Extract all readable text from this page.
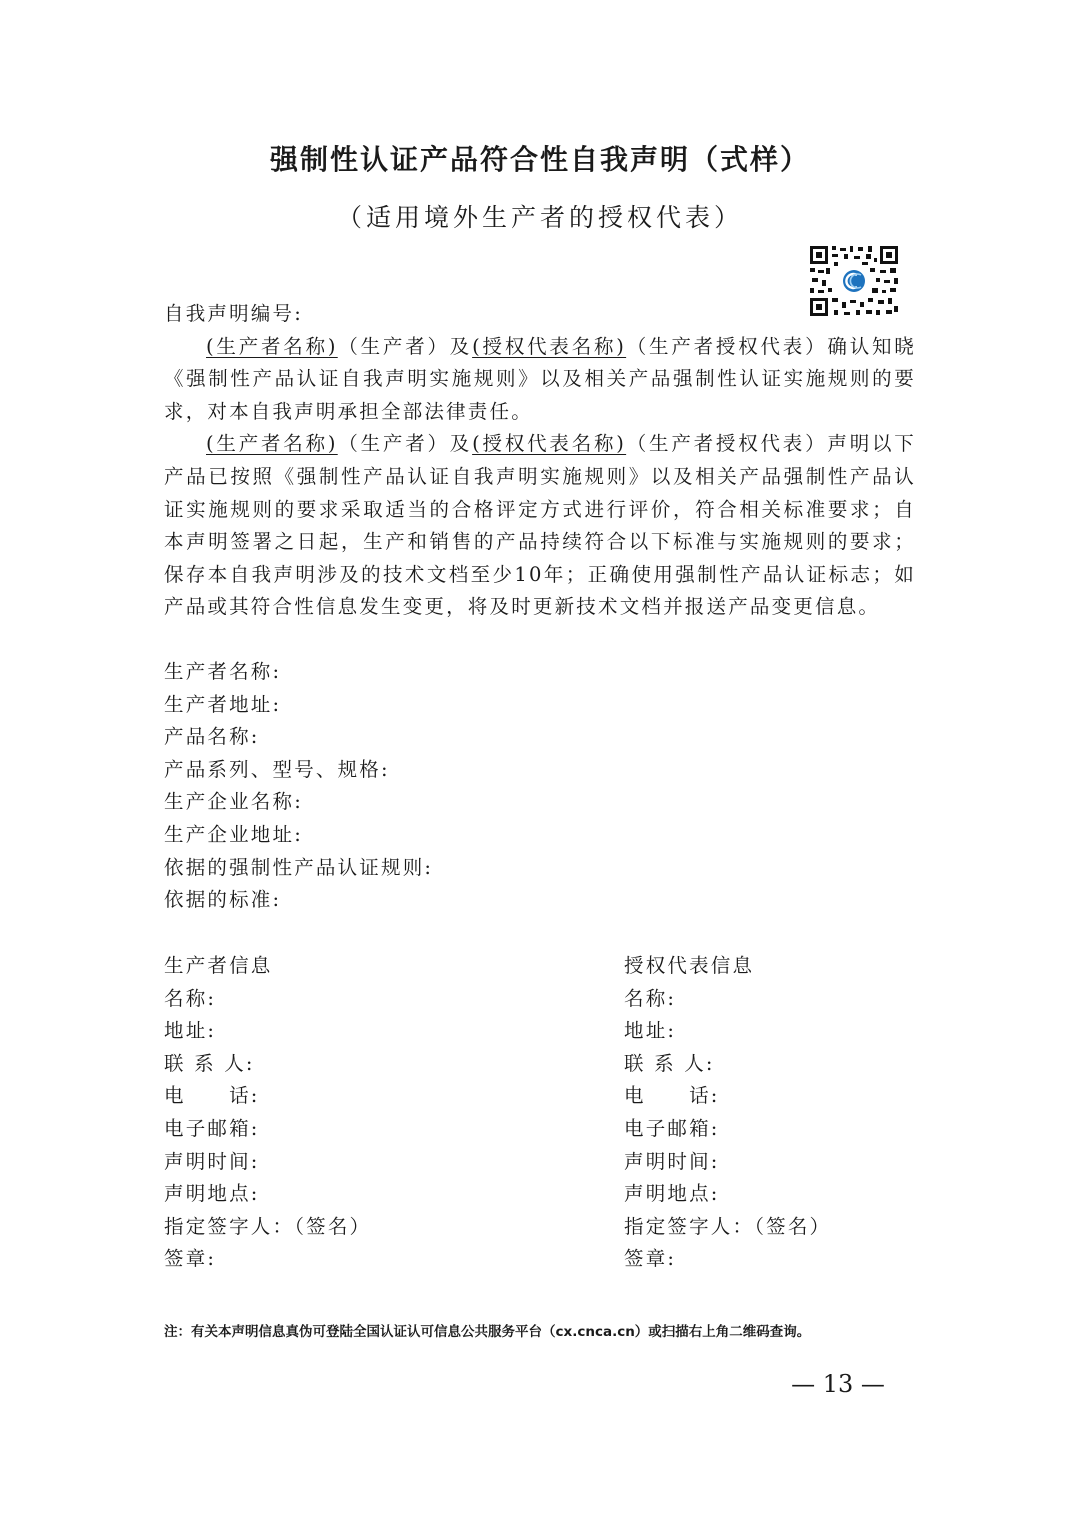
强制性认证产品符合性自我声明（式样）
（适用境外生产者的授权代表）

自我声明编号:

(生产者名称)（生产者）及(授权代表名称)（生产者授权代表）确认知晓《强制性产品认证自我声明实施规则》以及相关产品强制性认证实施规则的要求，对本自我声明承担全部法律责任。

(生产者名称)（生产者）及(授权代表名称)（生产者授权代表）声明以下产品已按照《强制性产品认证自我声明实施规则》以及相关产品强制性产品认证实施规则的要求采取适当的合格评定方式进行评价，符合相关标准要求；自本声明签署之日起，生产和销售的产品持续符合以下标准与实施规则的要求；保存本自我声明涉及的技术文档至少10年；正确使用强制性产品认证标志；如产品或其符合性信息发生变更，将及时更新技术文档并报送产品变更信息。

生产者名称:
生产者地址:
产品名称:
产品系列、型号、规格:
生产企业名称:
生产企业地址:
依据的强制性产品认证规则:
依据的标准:
生产者信息
名称:
地址:
联 系 人:
电　　话:
电子邮箱:
声明时间:
声明地点:
指定签字人：（签名）
签章:
授权代表信息
名称:
地址:
联 系 人:
电　　话:
电子邮箱:
声明时间:
声明地点:
指定签字人：（签名）
签章:
注：有关本声明信息真伪可登陆全国认证认可信息公共服务平台（cx.cnca.cn）或扫描右上角二维码查询。
— 13 —
